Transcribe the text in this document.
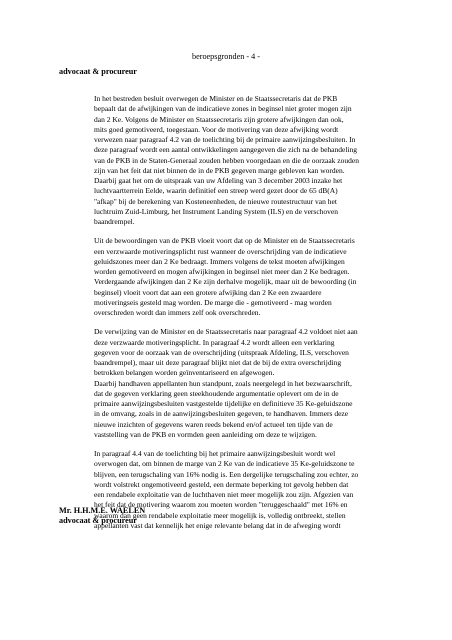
beroepsgronden - 4 -
advocaat & procureur

In het bestreden besluit overwegen de Minister en de Staatssecretaris dat de PKB
bepaalt dat de afwijkingen van de indicatieve zones in beginsel niet groter mogen zijn
dan 2 Ke. Volgens de Minister en Staatssecretaris zijn grotere afwijkingen dan ook,
mits goed gemotiveerd, toegestaan. Voor de motivering van deze afwijking wordt
verwezen naar paragraaf 4.2 van de toelichting bij de primaire aanwijzingsbesluiten. In
deze paragraaf wordt een aantal ontwikkelingen aangegeven die zich na de behandeling
van de PKB in de Staten-Generaal zouden hebben voorgedaan en die de oorzaak zouden
zijn van het feit dat niet binnen de in de PKB gegeven marge gebleven kan worden.
Daarbij gaat het om de uitspraak van uw Afdeling van 3 december 2003 inzake het
luchtvaartterrein Eelde, waarin definitief een streep werd gezet door de 65 dB(A)
"afkap" bij de berekening van Kosteneenheden, de nieuwe routestructuur van het
luchtruim Zuid-Limburg, het Instrument Landing System (ILS) en de verschoven
baandrempel.

Uit de bewoordingen van de PKB vloeit voort dat op de Minister en de Staatssecretaris
een verzwaarde motiveringsplicht rust wanneer de overschrijding van de indicatieve
geluidszones meer dan 2 Ke bedraagt. Immers volgens de tekst moeten afwijkingen
worden gemotiveerd en mogen afwijkingen in beginsel niet meer dan 2 Ke bedragen.
Verdergaande afwijkingen dan 2 Ke zijn derhalve mogelijk, maar uit de bewoording (in
beginsel) vloeit voort dat aan een grotere afwijking dan 2 Ke een zwaardere
motiveringseis gesteld mag worden. De marge die - gemotiveerd - mag worden
overschreden wordt dan immers zelf ook overschreden.

De verwijzing van de Minister en de Staatssecretaris naar paragraaf 4.2 voldoet niet aan
deze verzwaarde motiveringsplicht. In paragraaf 4.2 wordt alleen een verklaring
gegeven voor de oorzaak van de overschrijding (uitspraak Afdeling, ILS, verschoven
baandrempel), maar uit deze paragraaf blijkt niet dat de bij de extra overschrijding
betrokken belangen worden geïnventariseerd en afgewogen.
Daarbij handhaven appellanten hun standpunt, zoals neergelegd in het bezwaarschrift,
dat de gegeven verklaring geen steekhoudende argumentatie oplevert om de in de
primaire aanwijzingsbesluiten vastgestelde tijdelijke en definitieve 35 Ke-geluidszone
in de omvang, zoals in de aanwijzingsbesluiten gegeven, te handhaven. Immers deze
nieuwe inzichten of gegevens waren reeds bekend en/of actueel ten tijde van de
vaststelling van de PKB en vormden geen aanleiding om deze te wijzigen.

In paragraaf 4.4 van de toelichting bij het primaire aanwijzingsbesluit wordt wel
overwogen dat, om binnen de marge van 2 Ke van de indicatieve 35 Ke-geluidszone te
blijven, een terugschaling van 16% nodig is. Een dergelijke terugschaling zou echter, zo
wordt volstrekt ongemotiveerd gesteld, een dermate beperking tot gevolg hebben dat
een rendabele exploitatie van de luchthaven niet meer mogelijk zou zijn. Afgezien van
het feit dat de motivering waarom zou moeten worden "teruggeschaald" met 16% en
waarom dan geen rendabele exploitatie meer mogelijk is, volledig ontbreekt, stellen
appellanten vast dat kennelijk het enige relevante belang dat in de afweging wordt

Mr. H.H.M.E. WAELEN
advocaat & procureur
